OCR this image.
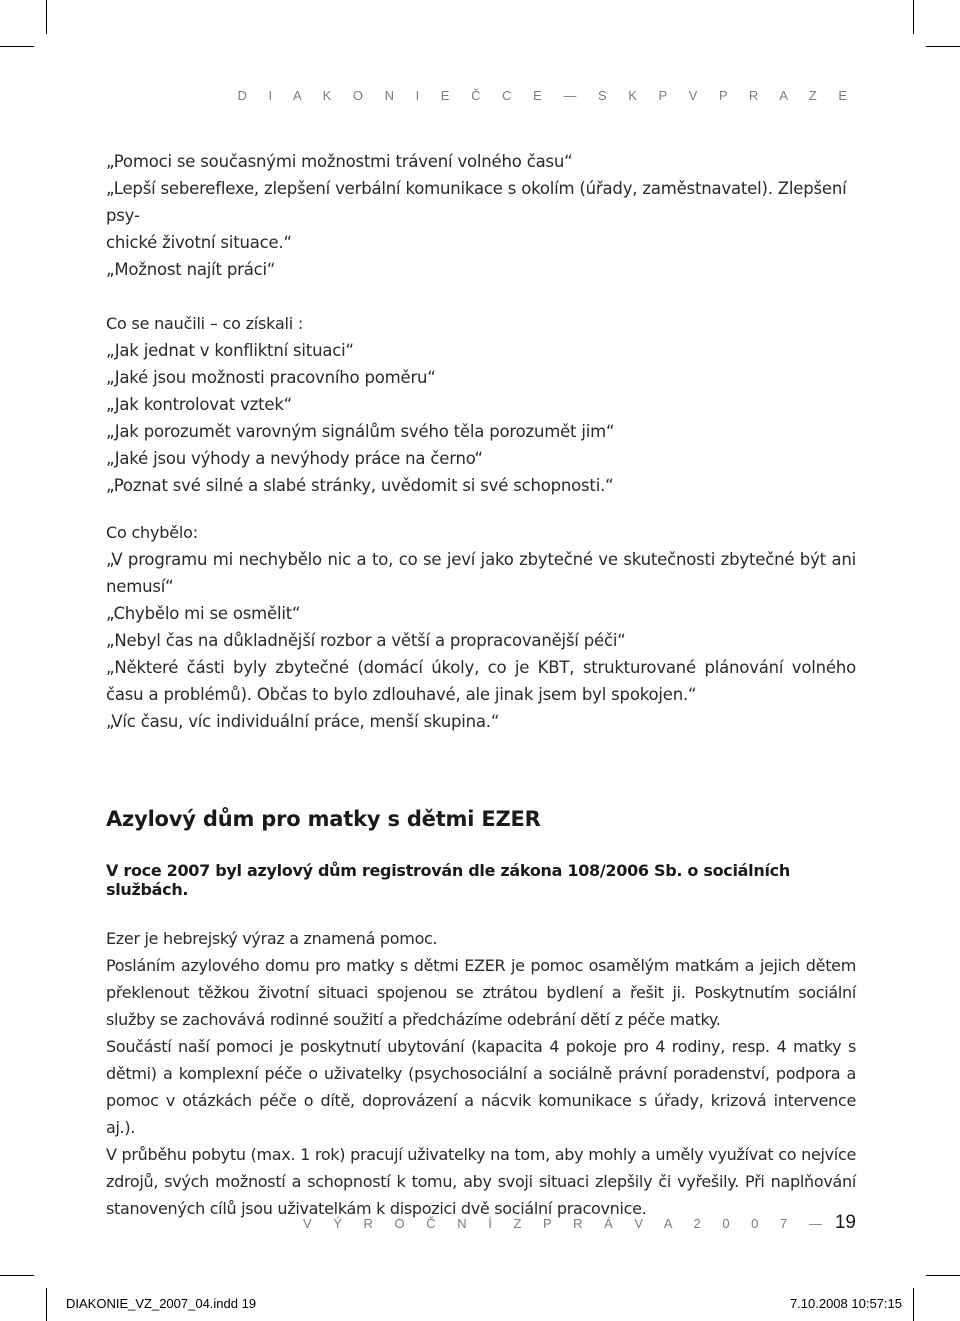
D I A K O N I E Č C E — S K P V P R A Z E
„Pomoci se současnými možnostmi trávení volného času“
„Lepší sebereflexe, zlepšení verbální komunikace s okolím (úřady, zaměstnavatel). Zlepšení psy-
chické životní situace.“
„Možnost najít práci“
Co se naučili – co získali :
„Jak jednat v konfliktní situaci“
„Jaké jsou možnosti pracovního poměru“
„Jak kontrolovat vztek“
„Jak porozumět varovným signálům svého těla porozumět jim“
„Jaké jsou výhody a nevýhody práce na černo“
„Poznat své silné a slabé stránky, uvědomit si své schopnosti.“
Co chybělo:
„V programu mi nechybělo nic a to, co se jeví jako zbytečné ve skutečnosti zbytečné být ani nemusí“
„Chybělo mi se osmělit“
„Nebyl čas na důkladnější rozbor a větší a propracovanější péči“
„Některé části byly zbytečné (domácí úkoly, co je KBT, strukturované plánování volného času a problémů). Občas to bylo zdlouhavé, ale jinak jsem byl spokojen.“
„Víc času, víc individuální práce, menší skupina.“
Azylový dům pro matky s dětmi EZER
V roce 2007 byl azylový dům registrován dle zákona 108/2006 Sb. o sociálních službách.
Ezer je hebrejský výraz a znamená pomoc.
Posláním azylového domu pro matky s dětmi EZER je pomoc osamělým matkám a jejich dětem překlenout těžkou životní situaci spojenou se ztrátou bydlení a řešit ji. Poskytnutím sociální služby se zachovává rodinné soužití a předcházíme odebrání dětí z péče matky.
Součástí naší pomoci je poskytnutí ubytování (kapacita 4 pokoje pro 4 rodiny, resp. 4 matky s dětmi) a komplexní péče o uživatelky (psychosociální a sociálně právní poradenství, podpora a pomoc v otázkách péče o dítě, doprovázení a nácvik komunikace s úřady, krizová intervence aj.).
V průběhu pobytu (max. 1 rok) pracují uživatelky na tom, aby mohly a uměly využívat co nejvíce zdrojů, svých možností a schopností k tomu, aby svoji situaci zlepšily či vyřešily. Při naplňování stanovených cílů jsou uživatelkám k dispozici dvě sociální pracovnice.
V Ý R O Č N Í Z P R Á V A 2 0 0 7 — 19
DIAKONIE_VZ_2007_04.indd 19	7.10.2008 10:57:15
